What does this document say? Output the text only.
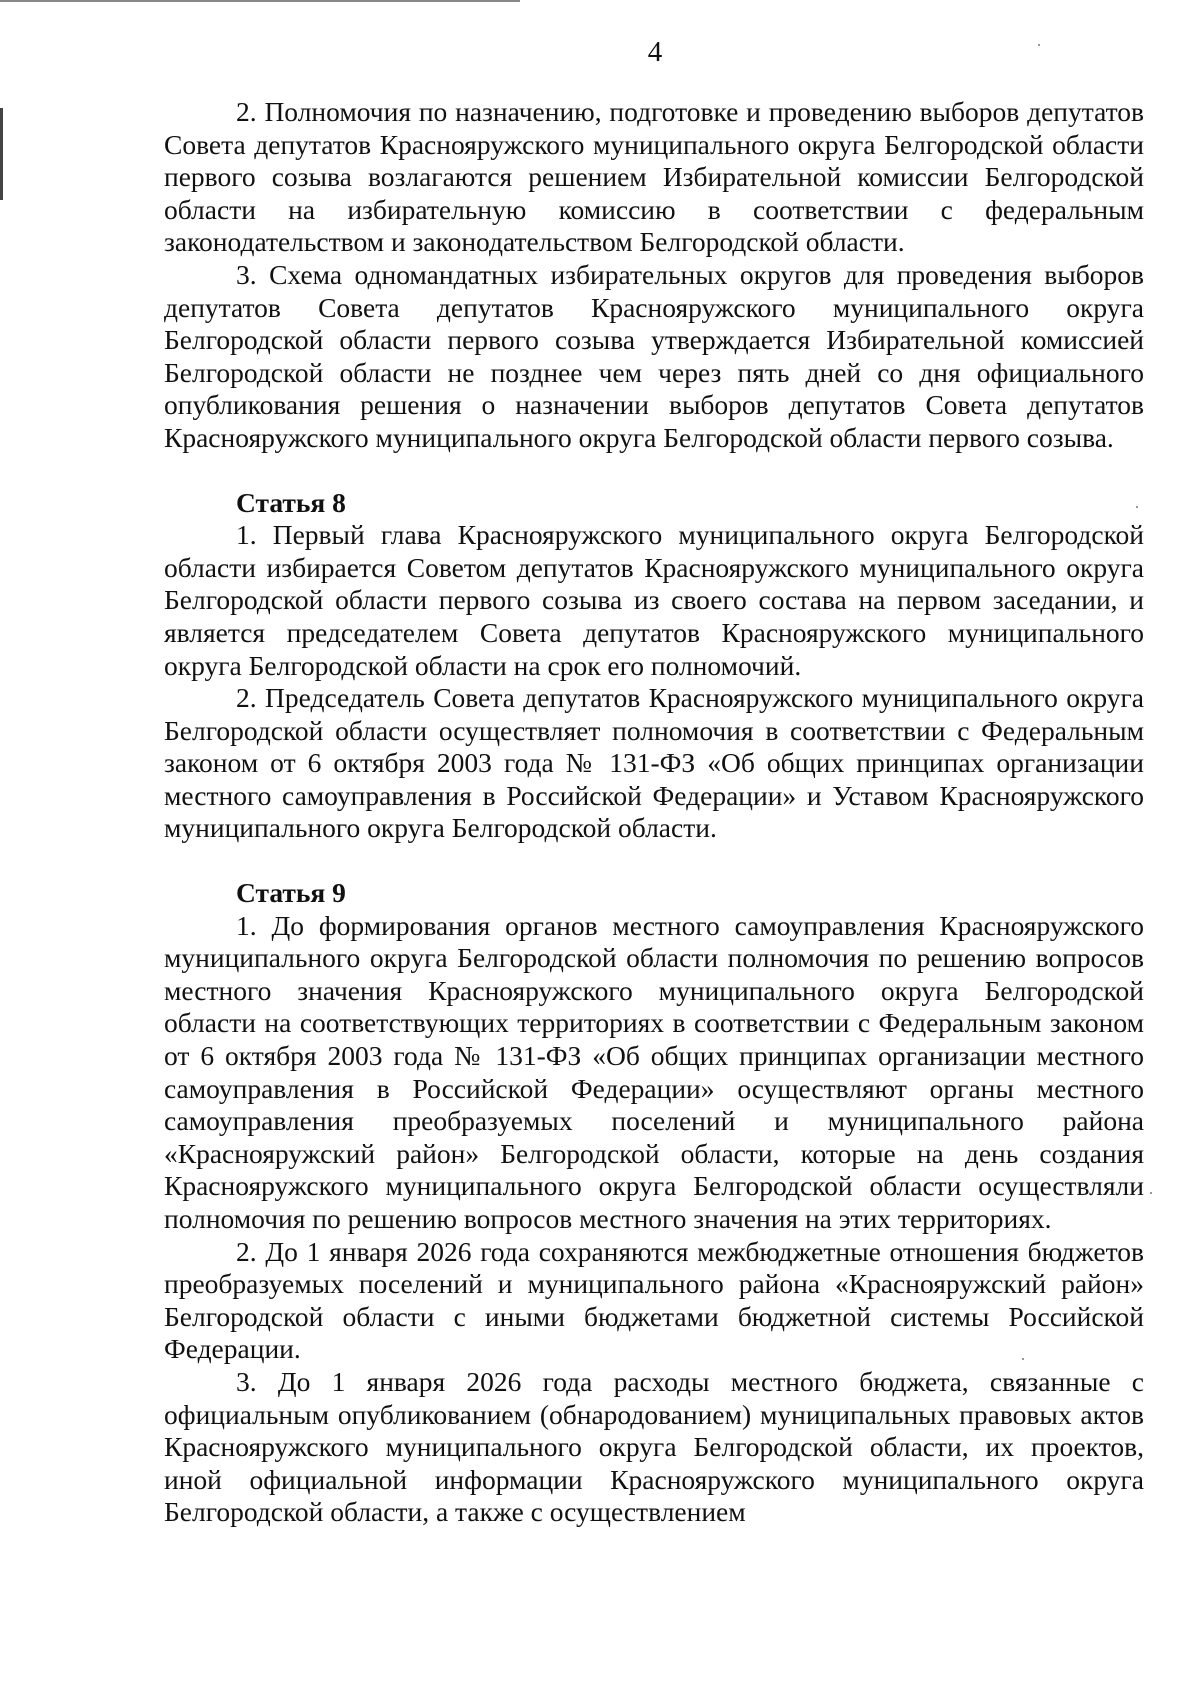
4

2. Полномочия по назначению, подготовке и проведению выборов депутатов Совета депутатов Краснояружского муниципального округа Белгородской области первого созыва возлагаются решением Избирательной комиссии Белгородской области на избирательную комиссию в соответствии с федеральным законодательством и законодательством Белгородской области.

3. Схема одномандатных избирательных округов для проведения выборов депутатов Совета депутатов Краснояружского муниципального округа Белгородской области первого созыва утверждается Избирательной комиссией Белгородской области не позднее чем через пять дней со дня официального опубликования решения о назначении выборов депутатов Совета депутатов Краснояружского муниципального округа Белгородской области первого созыва.

Статья 8

1. Первый глава Краснояружского муниципального округа Белгородской области избирается Советом депутатов Краснояружского муниципального округа Белгородской области первого созыва из своего состава на первом заседании, и является председателем Совета депутатов Краснояружского муниципального округа Белгородской области на срок его полномочий.

2. Председатель Совета депутатов Краснояружского муниципального округа Белгородской области осуществляет полномочия в соответствии с Федеральным законом от 6 октября 2003 года № 131-ФЗ «Об общих принципах организации местного самоуправления в Российской Федерации» и Уставом Краснояружского муниципального округа Белгородской области.

Статья 9

1. До формирования органов местного самоуправления Краснояружского муниципального округа Белгородской области полномочия по решению вопросов местного значения Краснояружского муниципального округа Белгородской области на соответствующих территориях в соответствии с Федеральным законом от 6 октября 2003 года № 131-ФЗ «Об общих принципах организации местного самоуправления в Российской Федерации» осуществляют органы местного самоуправления преобразуемых поселений и муниципального района «Краснояружский район» Белгородской области, которые на день создания Краснояружского муниципального округа Белгородской области осуществляли полномочия по решению вопросов местного значения на этих территориях.

2. До 1 января 2026 года сохраняются межбюджетные отношения бюджетов преобразуемых поселений и муниципального района «Краснояружский район» Белгородской области с иными бюджетами бюджетной системы Российской Федерации.

3. До 1 января 2026 года расходы местного бюджета, связанные с официальным опубликованием (обнародованием) муниципальных правовых актов Краснояружского муниципального округа Белгородской области, их проектов, иной официальной информации Краснояружского муниципального округа Белгородской области, а также с осуществлением
